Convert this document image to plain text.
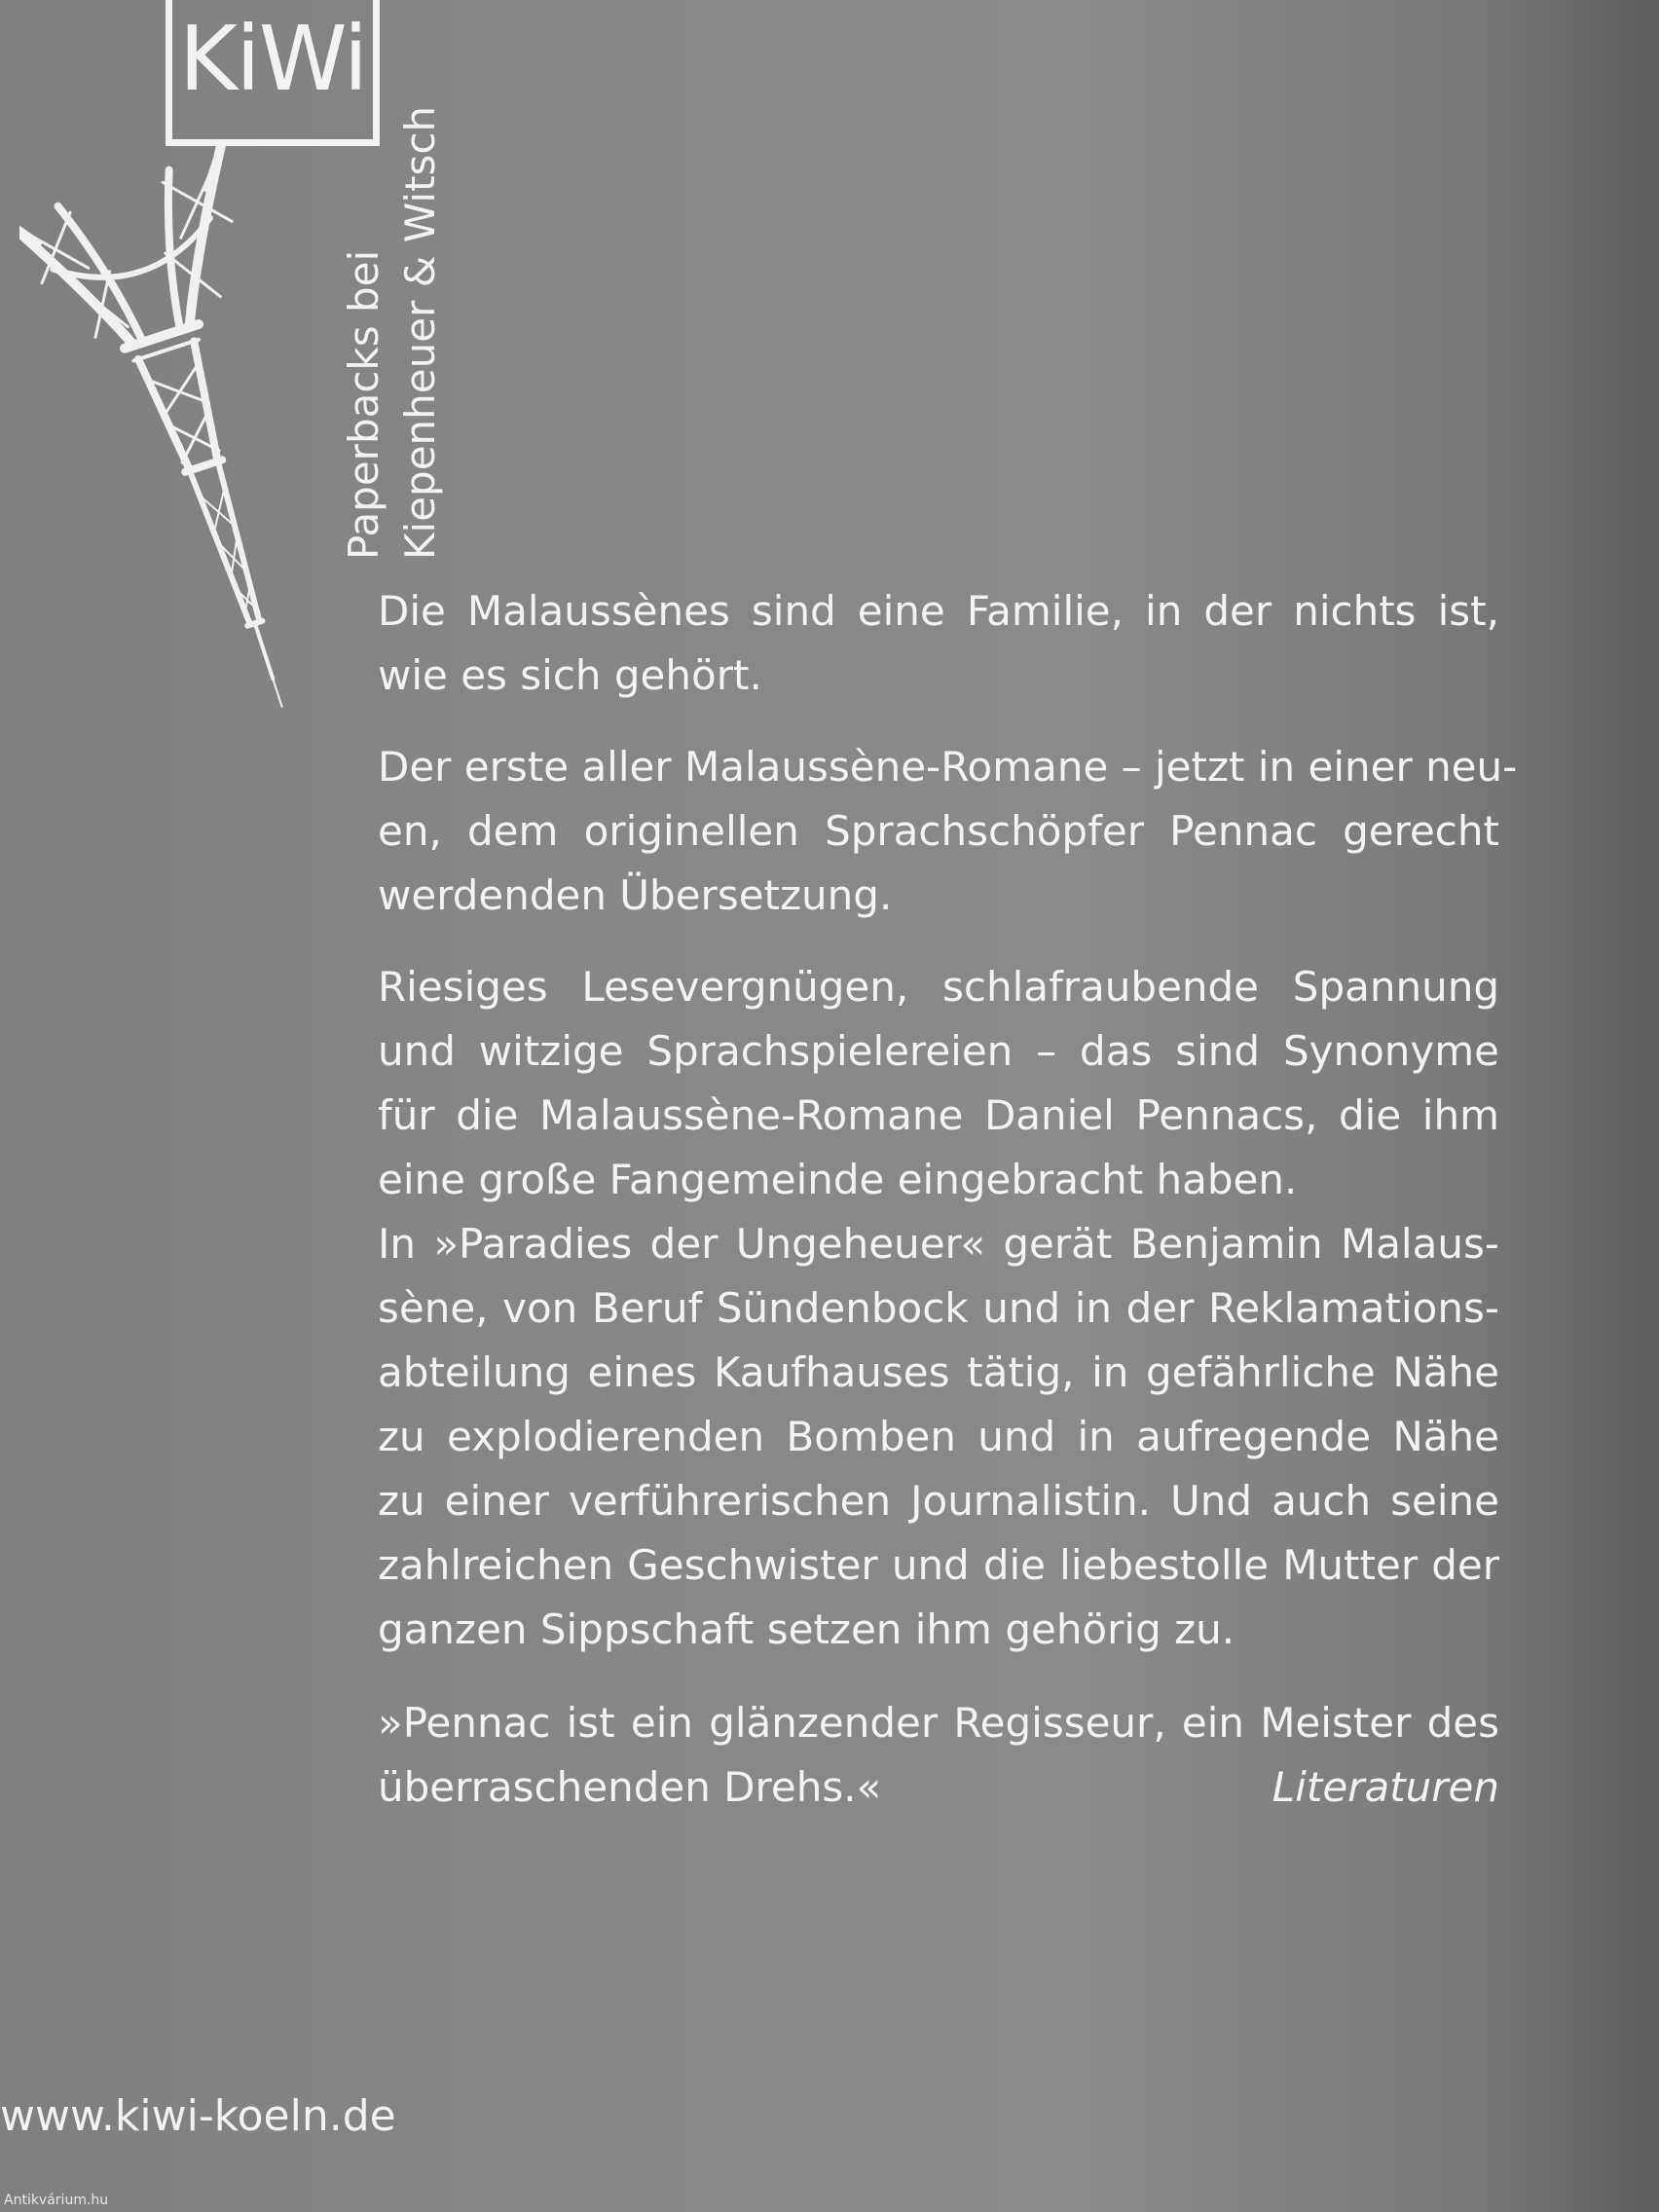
KiWi
Paperbacks bei Kiepenheuer & Witsch
Die Malaussènes sind eine Familie, in der nichts ist,
wie es sich gehört.
Der erste aller Malaussène-Romane – jetzt in einer neu-
en, dem originellen Sprachschöpfer Pennac gerecht
werdenden Übersetzung.
Riesiges Lesevergnügen, schlafraubende Spannung
und witzige Sprachspielereien – das sind Synonyme
für die Malaussène-Romane Daniel Pennacs, die ihm
eine große Fangemeinde eingebracht haben.
In »Paradies der Ungeheuer« gerät Benjamin Malaus-
sène, von Beruf Sündenbock und in der Reklamations-
abteilung eines Kaufhauses tätig, in gefährliche Nähe
zu explodierenden Bomben und in aufregende Nähe
zu einer verführerischen Journalistin. Und auch seine
zahlreichen Geschwister und die liebestolle Mutter der
ganzen Sippschaft setzen ihm gehörig zu.
»Pennac ist ein glänzender Regisseur, ein Meister des
überraschenden Drehs.«	Literaturen
www.kiwi-koeln.de
Antikvárium.hu
